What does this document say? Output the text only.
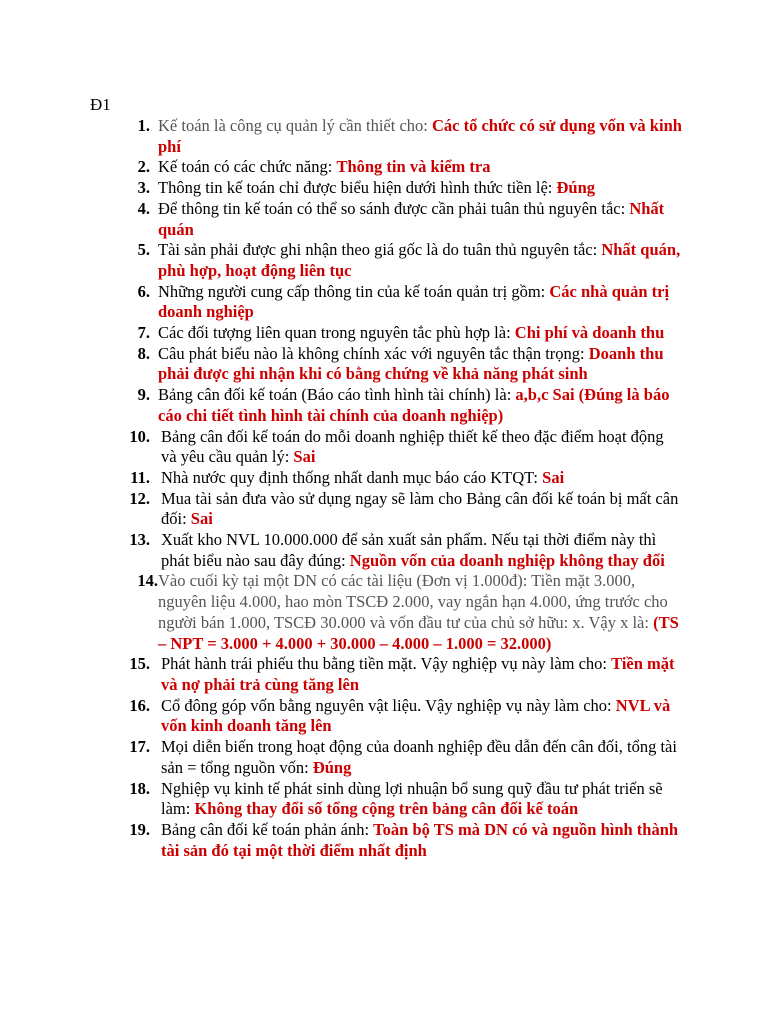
Đ1
1. Kế toán là công cụ quản lý cần thiết cho: Các tổ chức có sử dụng vốn và kinh phí
2. Kế toán có các chức năng: Thông tin và kiểm tra
3. Thông tin kế toán chỉ được biểu hiện dưới hình thức tiền lệ: Đúng
4. Để thông tin kế toán có thể so sánh được cần phải tuân thủ nguyên tắc: Nhất quán
5. Tài sản phải được ghi nhận theo giá gốc là do tuân thủ nguyên tắc: Nhất quán, phù hợp, hoạt động liên tục
6. Những người cung cấp thông tin của kế toán quản trị gồm: Các nhà quản trị doanh nghiệp
7. Các đối tượng liên quan trong nguyên tắc phù hợp là: Chi phí và doanh thu
8. Câu phát biểu nào là không chính xác với nguyên tắc thận trọng: Doanh thu phải được ghi nhận khi có bằng chứng về khả năng phát sinh
9. Bảng cân đối kế toán (Báo cáo tình hình tài chính) là: a,b,c Sai (Đúng là báo cáo chi tiết tình hình tài chính của doanh nghiệp)
10. Bảng cân đối kế toán do mỗi doanh nghiệp thiết kế theo đặc điểm hoạt động và yêu cầu quản lý: Sai
11. Nhà nước quy định thống nhất danh mục báo cáo KTQT: Sai
12. Mua tài sản đưa vào sử dụng ngay sẽ làm cho Bảng cân đối kế toán bị mất cân đối: Sai
13. Xuất kho NVL 10.000.000 để sản xuất sản phẩm. Nếu tại thời điểm này thì phát biểu nào sau đây đúng: Nguồn vốn của doanh nghiệp không thay đổi
14. Vào cuối kỳ tại một DN có các tài liệu (Đơn vị 1.000đ): Tiền mặt 3.000, nguyên liệu 4.000, hao mòn TSCĐ 2.000, vay ngắn hạn 4.000, ứng trước cho người bán 1.000, TSCĐ 30.000 và vốn đầu tư của chủ sở hữu: x. Vậy x là: (TS – NPT = 3.000 + 4.000 + 30.000 – 4.000 – 1.000 = 32.000)
15. Phát hành trái phiếu thu bằng tiền mặt. Vậy nghiệp vụ này làm cho: Tiền mặt và nợ phải trả cùng tăng lên
16. Cổ đông góp vốn bằng nguyên vật liệu. Vậy nghiệp vụ này làm cho: NVL và vốn kinh doanh tăng lên
17. Mọi diễn biến trong hoạt động của doanh nghiệp đều dẫn đến cân đối, tổng tài sản = tổng nguồn vốn: Đúng
18. Nghiệp vụ kinh tế phát sinh dùng lợi nhuận bổ sung quỹ đầu tư phát triển sẽ làm: Không thay đổi số tổng cộng trên bảng cân đối kế toán
19. Bảng cân đối kế toán phản ánh: Toàn bộ TS mà DN có và nguồn hình thành tài sản đó tại một thời điểm nhất định
